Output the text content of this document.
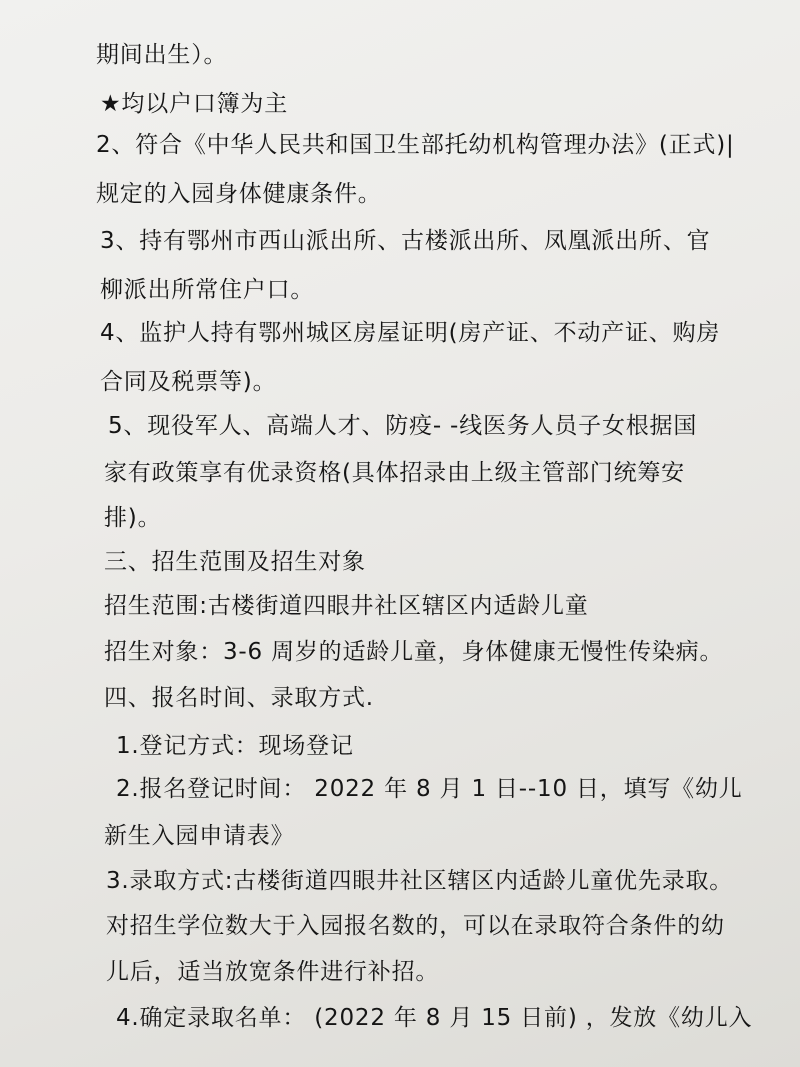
期间出生）。
★均以户口簿为主
2、符合《中华人民共和国卫生部托幼机构管理办法》(正式)|
规定的入园身体健康条件。
3、持有鄂州市西山派出所、古楼派出所、凤凰派出所、官
柳派出所常住户口。
4、监护人持有鄂州城区房屋证明(房产证、不动产证、购房
合同及税票等)。
5、现役军人、高端人才、防疫- -线医务人员子女根据国
家有政策享有优录资格(具体招录由上级主管部门统筹安
排)。
三、招生范围及招生对象
招生范围:古楼街道四眼井社区辖区内适龄儿童
招生对象：3-6 周岁的适龄儿童，身体健康无慢性传染病。
四、报名时间、录取方式.
1.登记方式：现场登记
2.报名登记时间： 2022 年 8 月 1 日--10 日，填写《幼儿
新生入园申请表》
3.录取方式:古楼街道四眼井社区辖区内适龄儿童优先录取。
对招生学位数大于入园报名数的，可以在录取符合条件的幼
儿后，适当放宽条件进行补招。
4.确定录取名单： (2022 年 8 月 15 日前) ，发放《幼儿入
